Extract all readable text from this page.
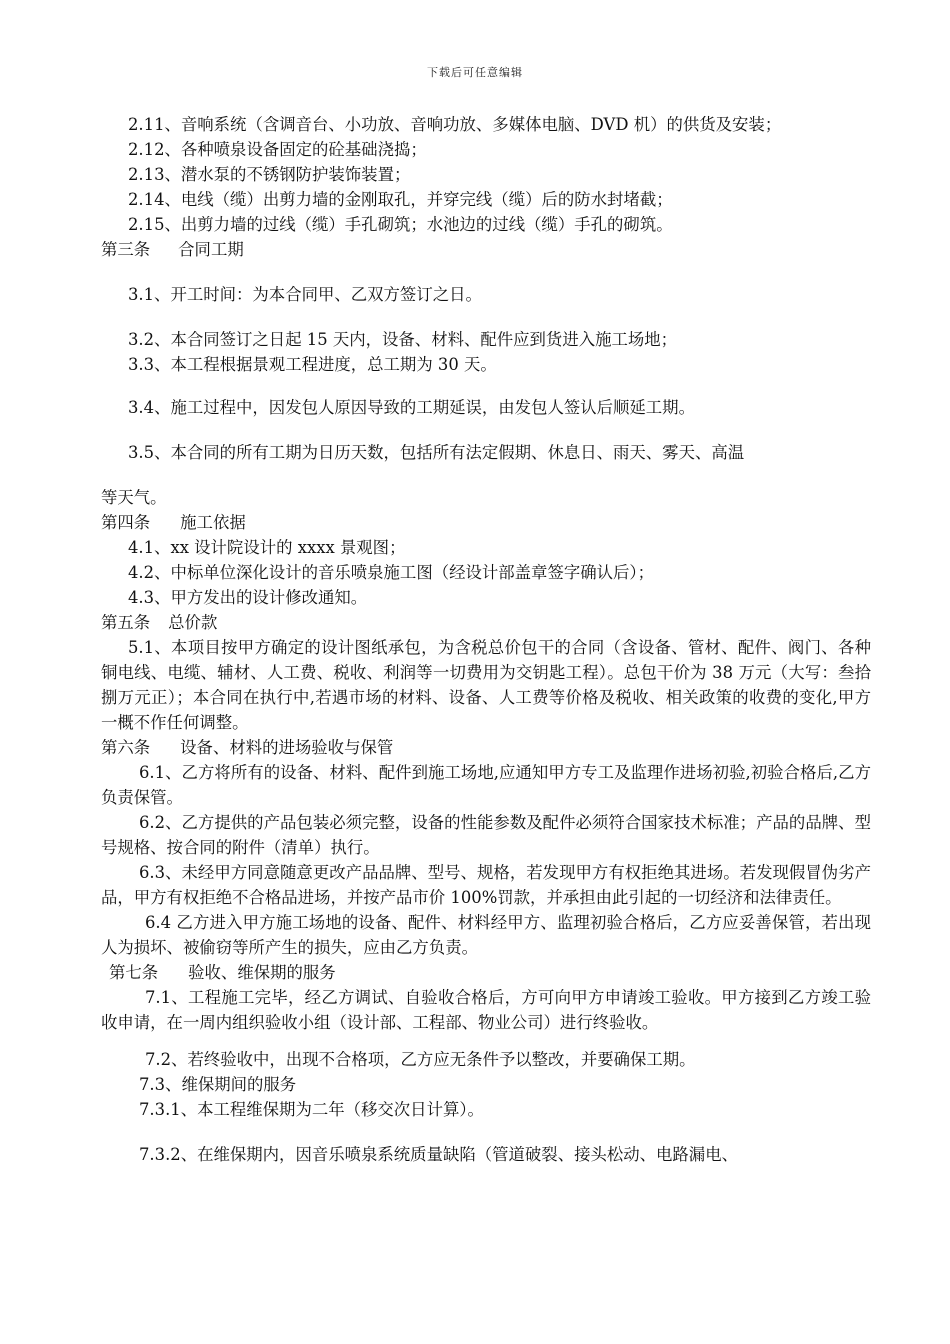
下载后可任意编辑
2.11、音响系统（含调音台、小功放、音响功放、多媒体电脑、DVD 机）的供货及安装；
2.12、各种喷泉设备固定的砼基础浇捣；
2.13、潜水泵的不锈钢防护装饰装置；
2.14、电线（缆）出剪力墙的金刚取孔，并穿完线（缆）后的防水封堵截；
2.15、出剪力墙的过线（缆）手孔砌筑；水池边的过线（缆）手孔的砌筑。
第三条 合同工期
3.1、开工时间：为本合同甲、乙双方签订之日。
3.2、本合同签订之日起 15 天内，设备、材料、配件应到货进入施工场地；
3.3、本工程根据景观工程进度，总工期为 30 天。
3.4、施工过程中，因发包人原因导致的工期延误，由发包人签认后顺延工期。
3.5、本合同的所有工期为日历天数，包括所有法定假期、休息日、雨天、雾天、高温
等天气。
第四条 施工依据
4.1、xx 设计院设计的 xxxx 景观图；
4.2、中标单位深化设计的音乐喷泉施工图（经设计部盖章签字确认后）；
4.3、甲方发出的设计修改通知。
第五条 总价款
5.1、本项目按甲方确定的设计图纸承包，为含税总价包干的合同（含设备、管材、配件、阀门、各种铜电线、电缆、辅材、人工费、税收、利润等一切费用为交钥匙工程）。总包干价为 38 万元（大写：叁拾捌万元正）；本合同在执行中,若遇市场的材料、设备、人工费等价格及税收、相关政策的收费的变化,甲方一概不作任何调整。
第六条 设备、材料的进场验收与保管
6.1、乙方将所有的设备、材料、配件到施工场地,应通知甲方专工及监理作进场初验,初验合格后,乙方负责保管。
6.2、乙方提供的产品包装必须完整，设备的性能参数及配件必须符合国家技术标准；产品的品牌、型号规格、按合同的附件（清单）执行。
6.3、未经甲方同意随意更改产品品牌、型号、规格，若发现甲方有权拒绝其进场。若发现假冒伪劣产品，甲方有权拒绝不合格品进场，并按产品市价 100%罚款，并承担由此引起的一切经济和法律责任。
6.4 乙方进入甲方施工场地的设备、配件、材料经甲方、监理初验合格后，乙方应妥善保管，若出现人为损坏、被偷窃等所产生的损失，应由乙方负责。
第七条 验收、维保期的服务
7.1、工程施工完毕，经乙方调试、自验收合格后，方可向甲方申请竣工验收。甲方接到乙方竣工验收申请，在一周内组织验收小组（设计部、工程部、物业公司）进行终验收。
7.2、若终验收中，出现不合格项，乙方应无条件予以整改，并要确保工期。
7.3、维保期间的服务
7.3.1、本工程维保期为二年（移交次日计算）。
7.3.2、在维保期内，因音乐喷泉系统质量缺陷（管道破裂、接头松动、电路漏电、
